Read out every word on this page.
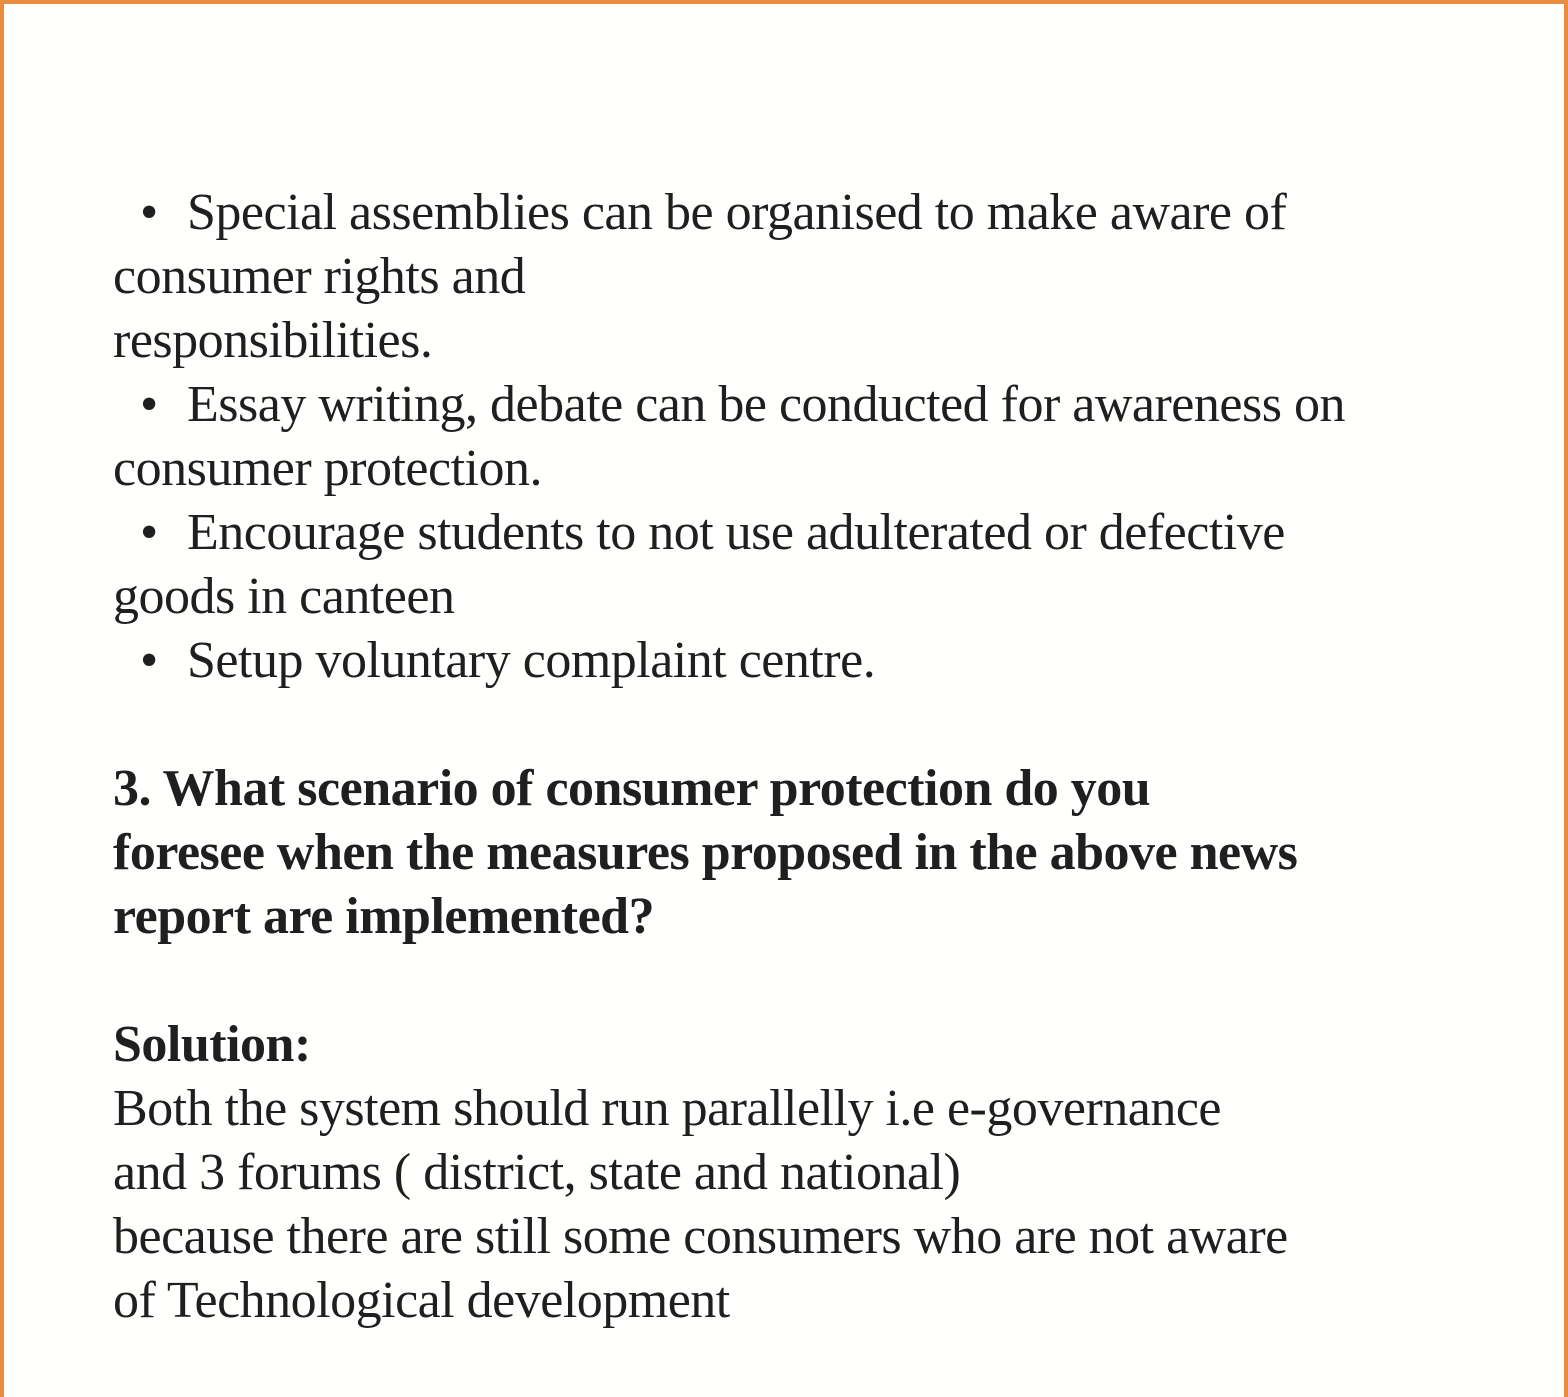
• Special assemblies can be organised to make aware of
consumer rights and
responsibilities.
• Essay writing, debate can be conducted for awareness on
consumer protection.
• Encourage students to not use adulterated or defective
goods in canteen
• Setup voluntary complaint centre.
3. What scenario of consumer protection do you
foresee when the measures proposed in the above news
report are implemented?
Solution:
Both the system should run parallelly i.e e-governance
and 3 forums ( district, state and national)
because there are still some consumers who are not aware
of Technological development
